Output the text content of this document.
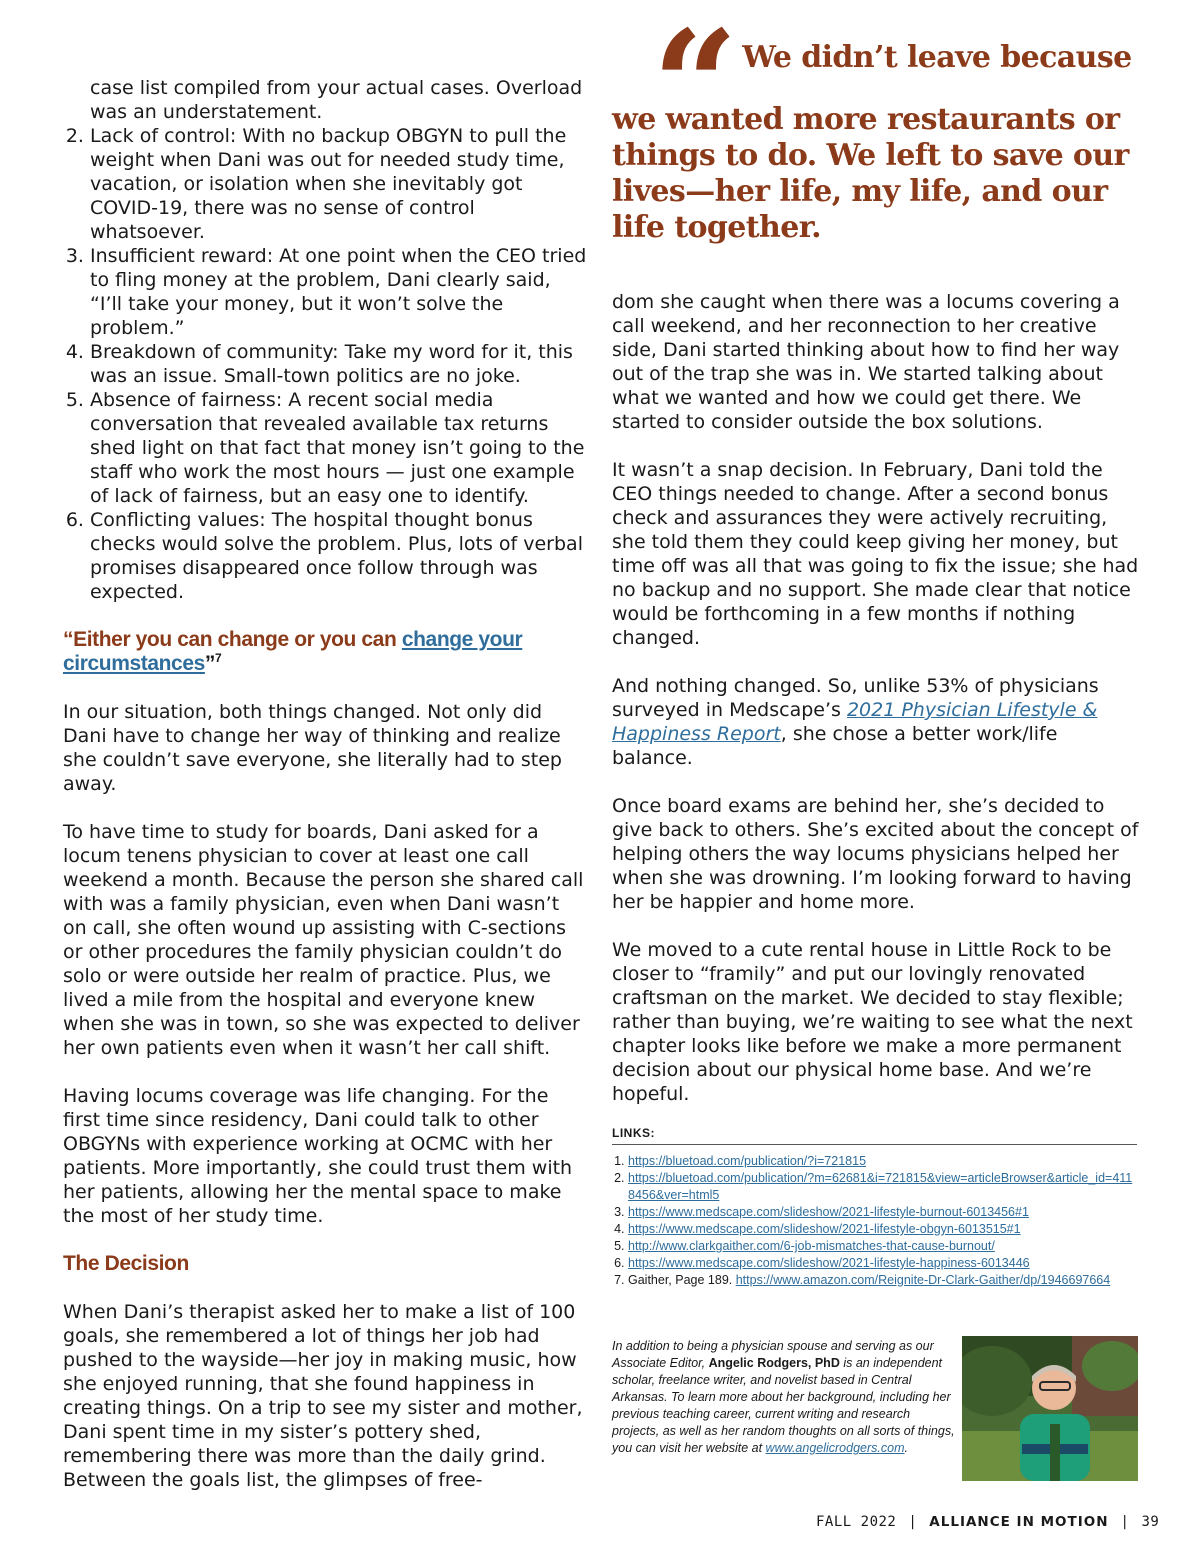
case list compiled from your actual cases. Overload was an understatement.

2. Lack of control: With no backup OBGYN to pull the weight when Dani was out for needed study time, vacation, or isolation when she inevitably got COVID-19, there was no sense of control whatsoever.
3. Insufficient reward: At one point when the CEO tried to fling money at the problem, Dani clearly said, “I’ll take your money, but it won’t solve the problem.”
4. Breakdown of community: Take my word for it, this was an issue. Small-town politics are no joke.
5. Absence of fairness: A recent social media conversation that revealed available tax returns shed light on that fact that money isn’t going to the staff who work the most hours — just one example of lack of fairness, but an easy one to identify.
6. Conflicting values: The hospital thought bonus checks would solve the problem. Plus, lots of verbal promises disappeared once follow through was expected.
“Either you can change or you can change your circumstances”$^7$

In our situation, both things changed. Not only did Dani have to change her way of thinking and realize she couldn’t save everyone, she literally had to step away.

To have time to study for boards, Dani asked for a locum tenens physician to cover at least one call weekend a month. Because the person she shared call with was a family physician, even when Dani wasn’t on call, she often wound up assisting with C-sections or other procedures the family physician couldn’t do solo or were outside her realm of practice. Plus, we lived a mile from the hospital and everyone knew when she was in town, so she was expected to deliver her own patients even when it wasn’t her call shift.

Having locums coverage was life changing. For the first time since residency, Dani could talk to other OBGYNs with experience working at OCMC with her patients. More importantly, she could trust them with her patients, allowing her the mental space to make the most of her study time.

The Decision

When Dani’s therapist asked her to make a list of 100 goals, she remembered a lot of things her job had pushed to the wayside—her joy in making music, how she enjoyed running, that she found happiness in creating things. On a trip to see my sister and mother, Dani spent time in my sister’s pottery shed, remembering there was more than the daily grind. Between the goals list, the glimpses of free-

“ We didn’t leave because we wanted more restaurants or things to do. We left to save our lives—her life, my life, and our life together.

dom she caught when there was a locums covering a call weekend, and her reconnection to her creative side, Dani started thinking about how to find her way out of the trap she was in. We started talking about what we wanted and how we could get there. We started to consider outside the box solutions.

It wasn’t a snap decision. In February, Dani told the CEO things needed to change. After a second bonus check and assurances they were actively recruiting, she told them they could keep giving her money, but time off was all that was going to fix the issue; she had no backup and no support. She made clear that notice would be forthcoming in a few months if nothing changed.

And nothing changed. So, unlike 53% of physicians surveyed in Medscape’s 2021 Physician Lifestyle & Happiness Report, she chose a better work/life balance.

Once board exams are behind her, she’s decided to give back to others. She’s excited about the concept of helping others the way locums physicians helped her when she was drowning. I’m looking forward to having her be happier and home more.

We moved to a cute rental house in Little Rock to be closer to “framily” and put our lovingly renovated craftsman on the market. We decided to stay flexible; rather than buying, we’re waiting to see what the next chapter looks like before we make a more permanent decision about our physical home base. And we’re hopeful.

LINKS:
1. https://bluetoad.com/publication/?i=721815
2. https://bluetoad.com/publication/?m=62681&i=721815&view=articleBrowser&article_id=4118456&ver=html5
3. https://www.medscape.com/slideshow/2021-lifestyle-burnout-6013456#1
4. https://www.medscape.com/slideshow/2021-lifestyle-obgyn-6013515#1
5. http://www.clarkgaither.com/6-job-mismatches-that-cause-burnout/
6. https://www.medscape.com/slideshow/2021-lifestyle-happiness-6013446
7. Gaither, Page 189. https://www.amazon.com/Reignite-Dr-Clark-Gaither/dp/1946697664
In addition to being a physician spouse and serving as our Associate Editor, Angelic Rodgers, PhD is an independent scholar, freelance writer, and novelist based in Central Arkansas. To learn more about her background, including her previous teaching career, current writing and research projects, as well as her random thoughts on all sorts of things, you can visit her website at www.angelicrodgers.com.
FALL 2022 | ALLIANCE IN MOTION | 39
